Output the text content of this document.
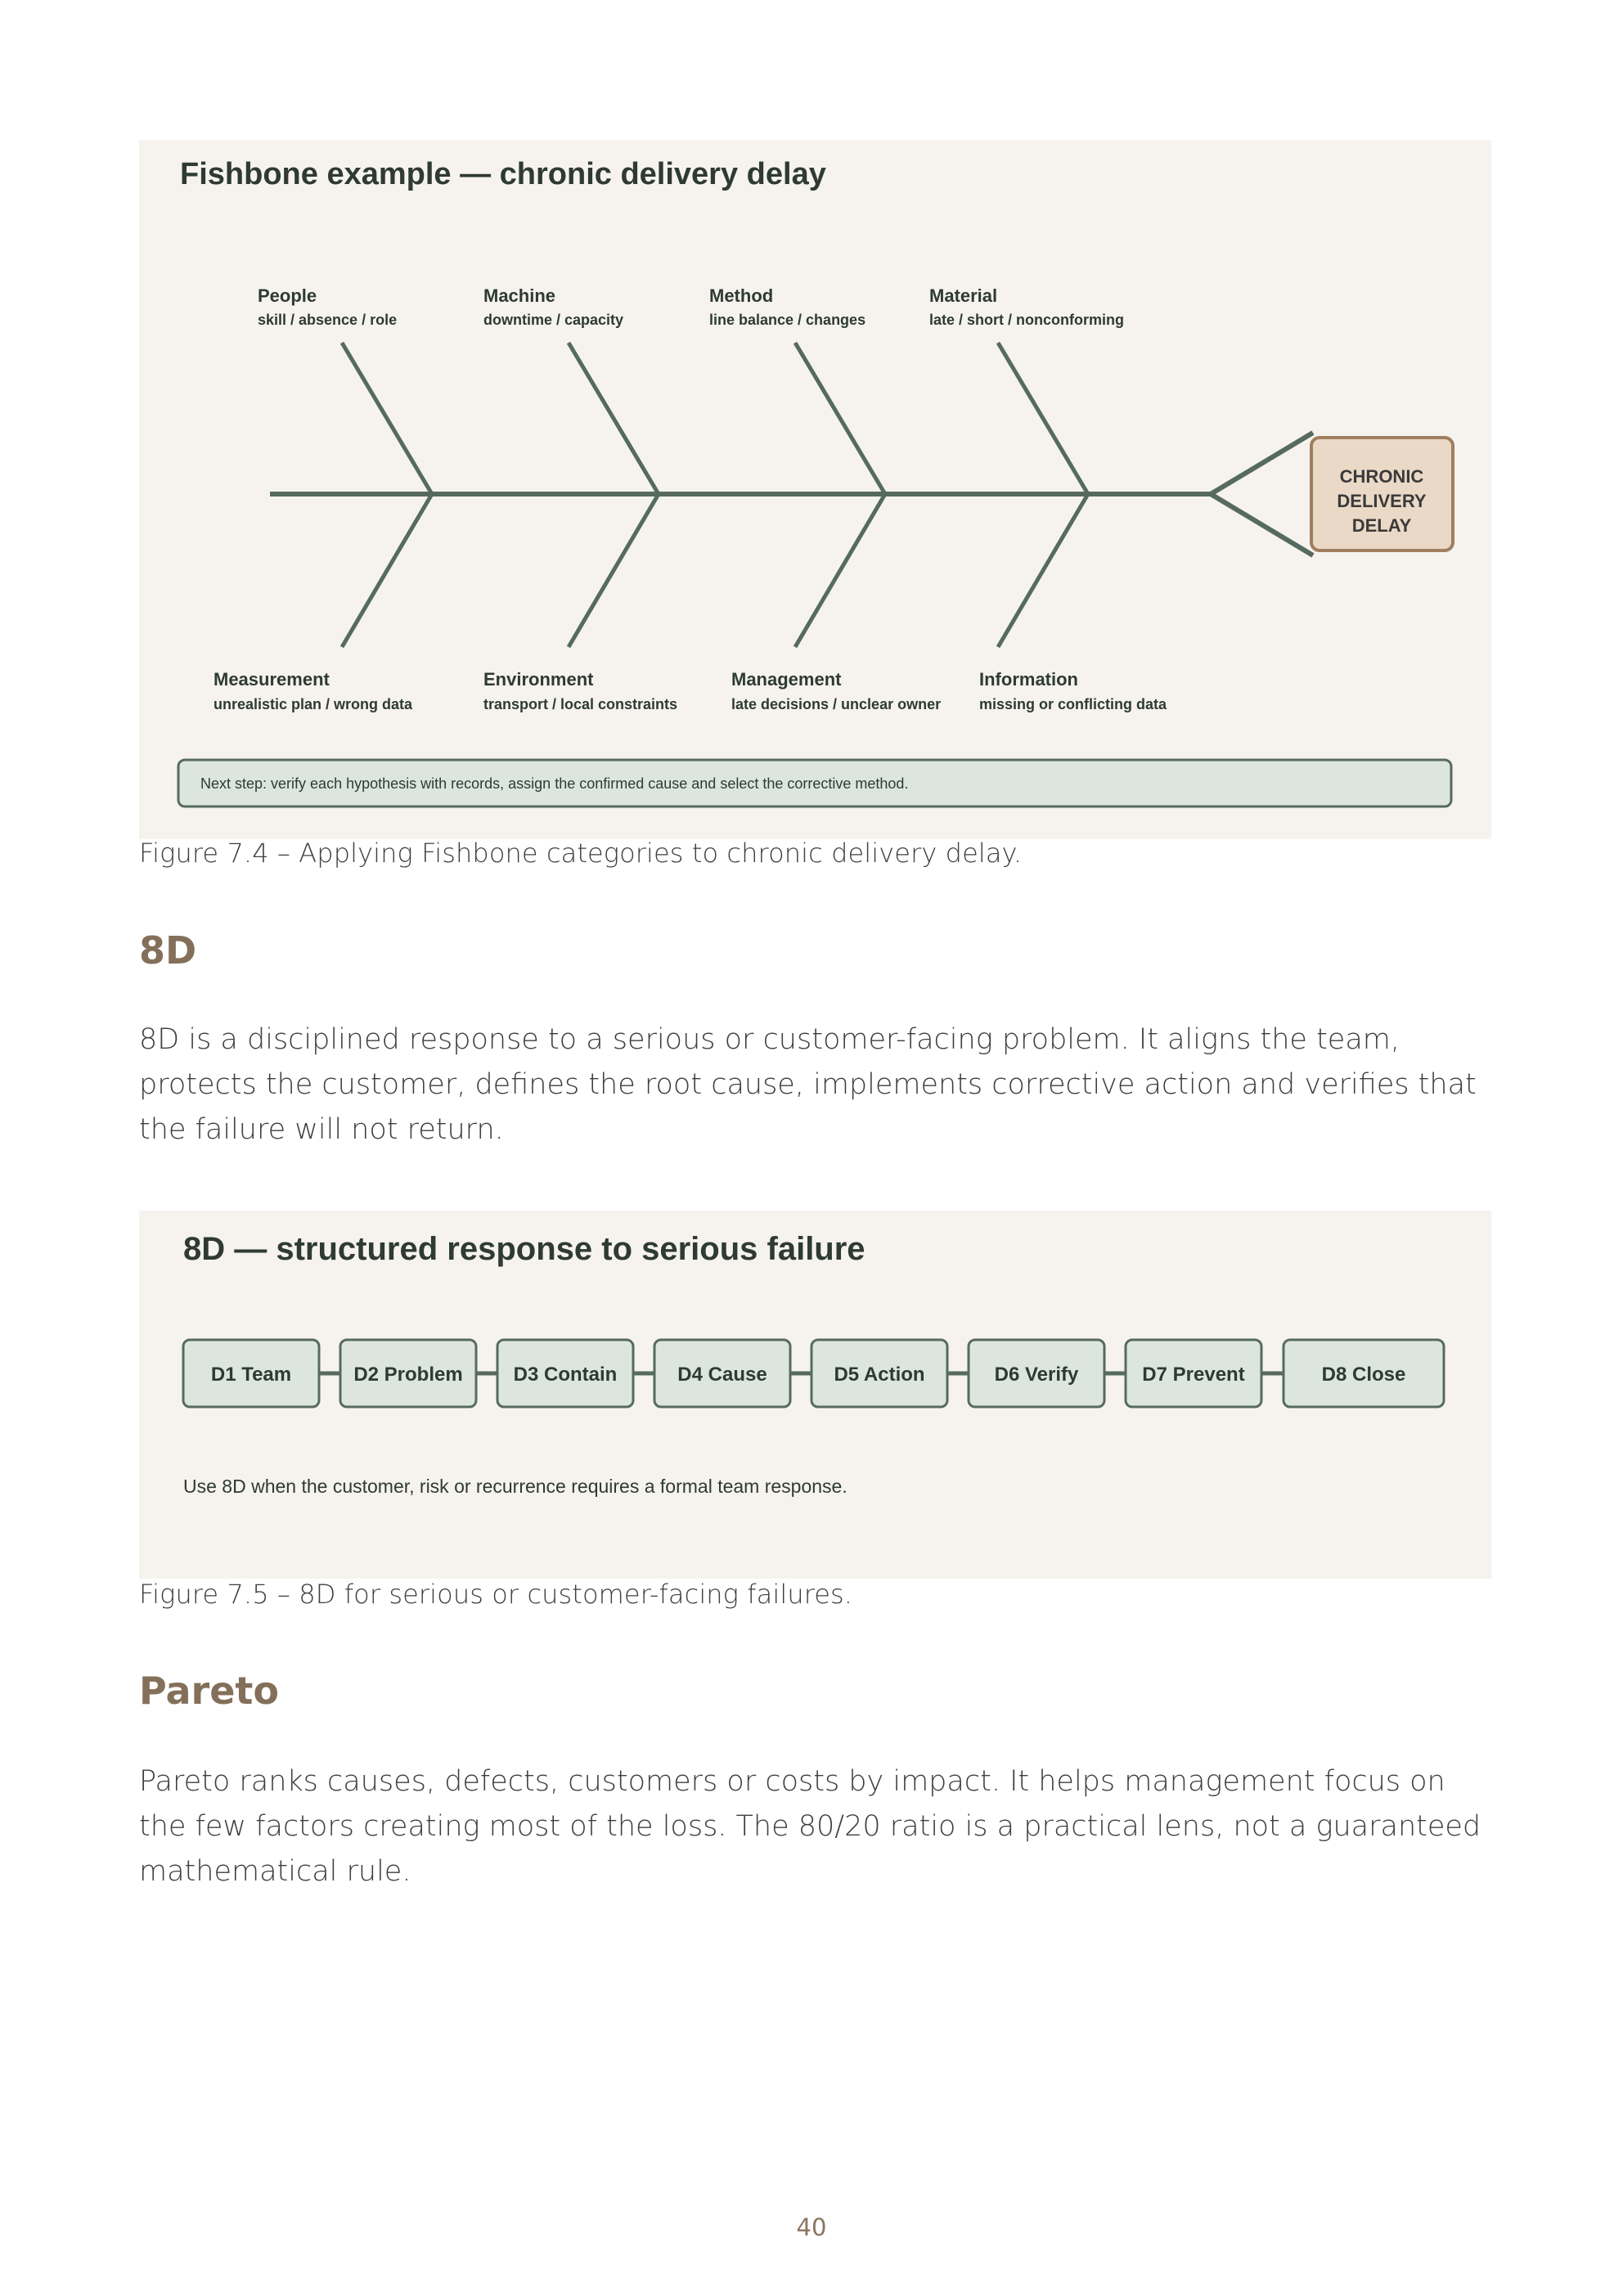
Fishbone example — chronic delivery delay
People
skill / absence / role
Machine
downtime / capacity
Method
line balance / changes
Material
late / short / nonconforming
Measurement
unrealistic plan / wrong data
Environment
transport / local constraints
Management
late decisions / unclear owner
Information
missing or conflicting data
CHRONIC
DELIVERY
DELAY
Next step: verify each hypothesis with records, assign the confirmed cause and select the corrective method.
Figure 7.4 – Applying Fishbone categories to chronic delivery delay.
8D

8D is a disciplined response to a serious or customer-facing problem. It aligns the team, protects the customer, defines the root cause, implements corrective action and verifies that the failure will not return.

8D — structured response to serious failure
D1 Team	D2 Problem	D3 Contain	D4 Cause	D5 Action	D6 Verify	D7 Prevent	D8 Close
Use 8D when the customer, risk or recurrence requires a formal team response.
Figure 7.5 – 8D for serious or customer-facing failures.
Pareto

Pareto ranks causes, defects, customers or costs by impact. It helps management focus on the few factors creating most of the loss. The 80/20 ratio is a practical lens, not a guaranteed mathematical rule.

40
